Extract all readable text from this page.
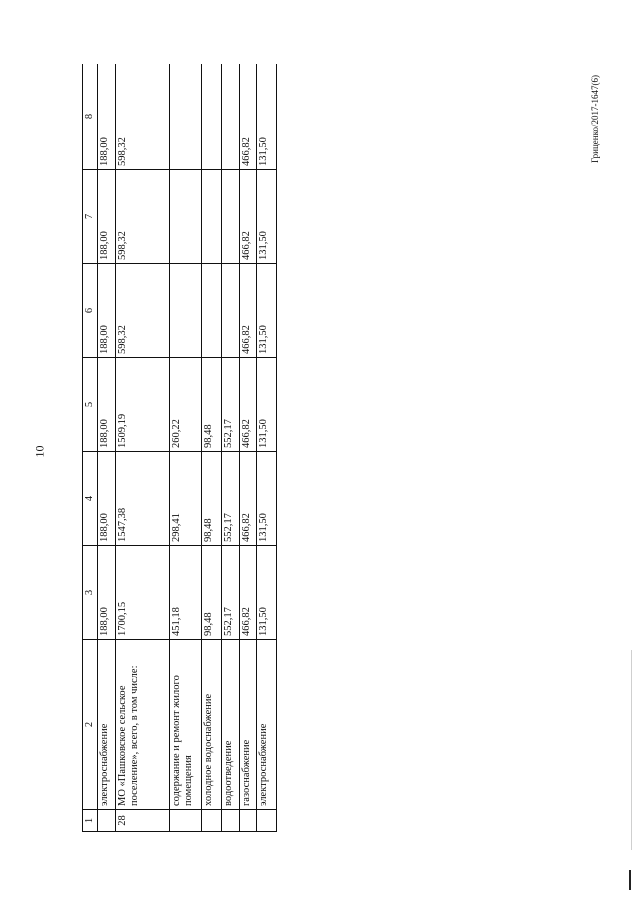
10
Гриценко/2017-1647(6)
1	2	3	4	5	6	7	8
	электроснабжение	188,00	188,00	188,00	188,00	188,00	188,00
28	МО «Пашковское сельское поселение», всего, в том числе:	1700,15	1547,38	1509,19	598,32	598,32	598,32
	содержание и ремонт жилого помещения	451,18	298,41	260,22			
	холодное водоснабжение	98,48	98,48	98,48			
	водоотведение	552,17	552,17	552,17			
	газоснабжение	466,82	466,82	466,82	466,82	466,82	466,82
	электроснабжение	131,50	131,50	131,50	131,50	131,50	131,50
